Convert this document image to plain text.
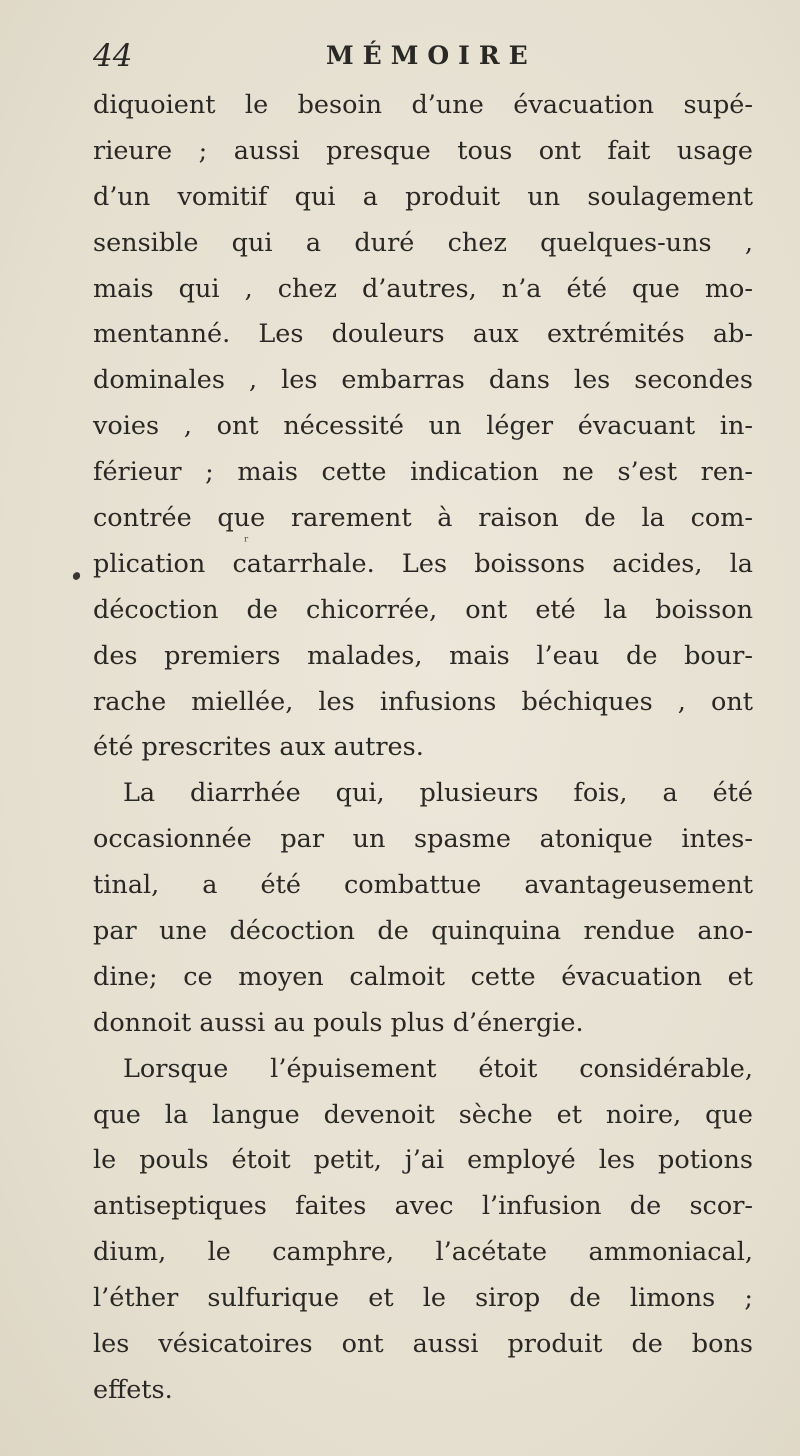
44	MÉMOIRE
ʳ
diquoient le besoin d’une évacuation supé-
rieure ; aussi presque tous ont fait usage
d’un vomitif qui a produit un soulagement
sensible qui a duré chez quelques-uns ,
mais qui , chez d’autres, n’a été que mo-
mentanné. Les douleurs aux extrémités ab-
dominales , les embarras dans les secondes
voies , ont nécessité un léger évacuant in-
férieur ; mais cette indication ne s’est ren-
contrée que rarement à raison de la com-
plication catarrhale. Les boissons acides, la
décoction de chicorrée, ont eté la boisson
des premiers malades, mais l’eau de bour-
rache miellée, les infusions béchiques , ont
été prescrites aux autres.
La diarrhée qui, plusieurs fois, a été
occasionnée par un spasme atonique intes-
tinal, a été combattue avantageusement
par une décoction de quinquina rendue ano-
dine; ce moyen calmoit cette évacuation et
donnoit aussi au pouls plus d’énergie.
Lorsque l’épuisement étoit considérable,
que la langue devenoit sèche et noire, que
le pouls étoit petit, j’ai employé les potions
antiseptiques faites avec l’infusion de scor-
dium, le camphre, l’acétate ammoniacal,
l’éther sulfurique et le sirop de limons ;
les vésicatoires ont aussi produit de bons
effets.
